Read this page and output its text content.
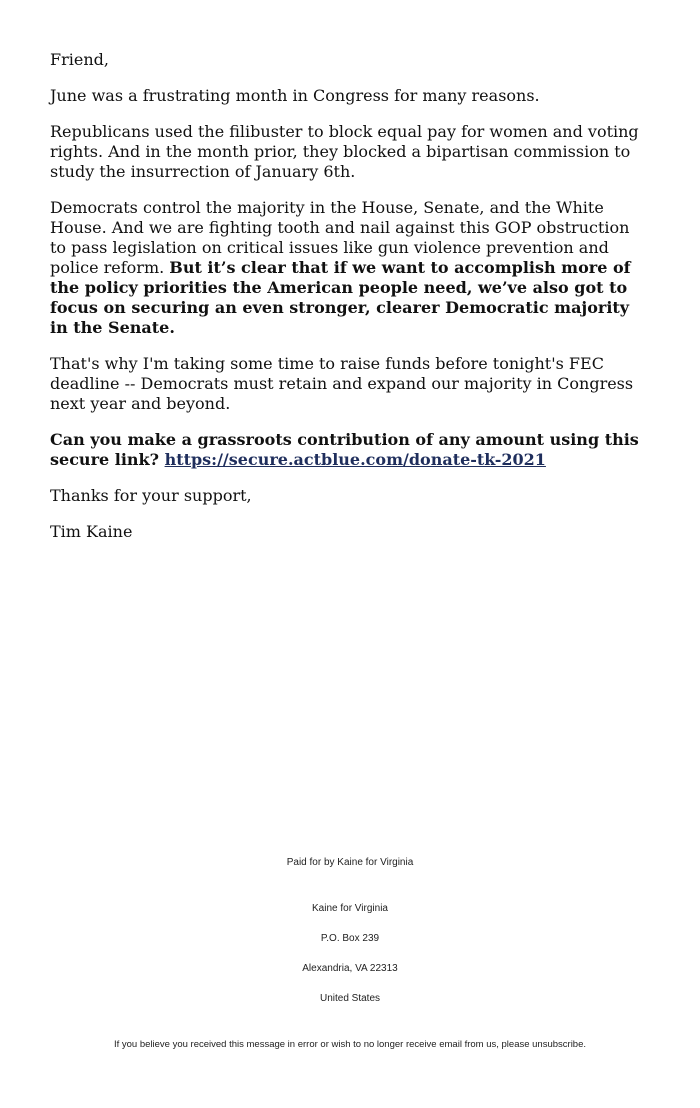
Friend,

June was a frustrating month in Congress for many reasons.

Republicans used the filibuster to block equal pay for women and voting rights. And in the month prior, they blocked a bipartisan commission to study the insurrection of January 6th.

Democrats control the majority in the House, Senate, and the White House. And we are fighting tooth and nail against this GOP obstruction to pass legislation on critical issues like gun violence prevention and police reform. But it’s clear that if we want to accomplish more of the policy priorities the American people need, we’ve also got to focus on securing an even stronger, clearer Democratic majority in the Senate.

That's why I'm taking some time to raise funds before tonight's FEC deadline -- Democrats must retain and expand our majority in Congress next year and beyond.

Can you make a grassroots contribution of any amount using this secure link? https://secure.actblue.com/donate-tk-2021

Thanks for your support,

Tim Kaine

Paid for by Kaine for Virginia
Kaine for Virginia
P.O. Box 239
Alexandria, VA 22313
United States
If you believe you received this message in error or wish to no longer receive email from us, please unsubscribe.
